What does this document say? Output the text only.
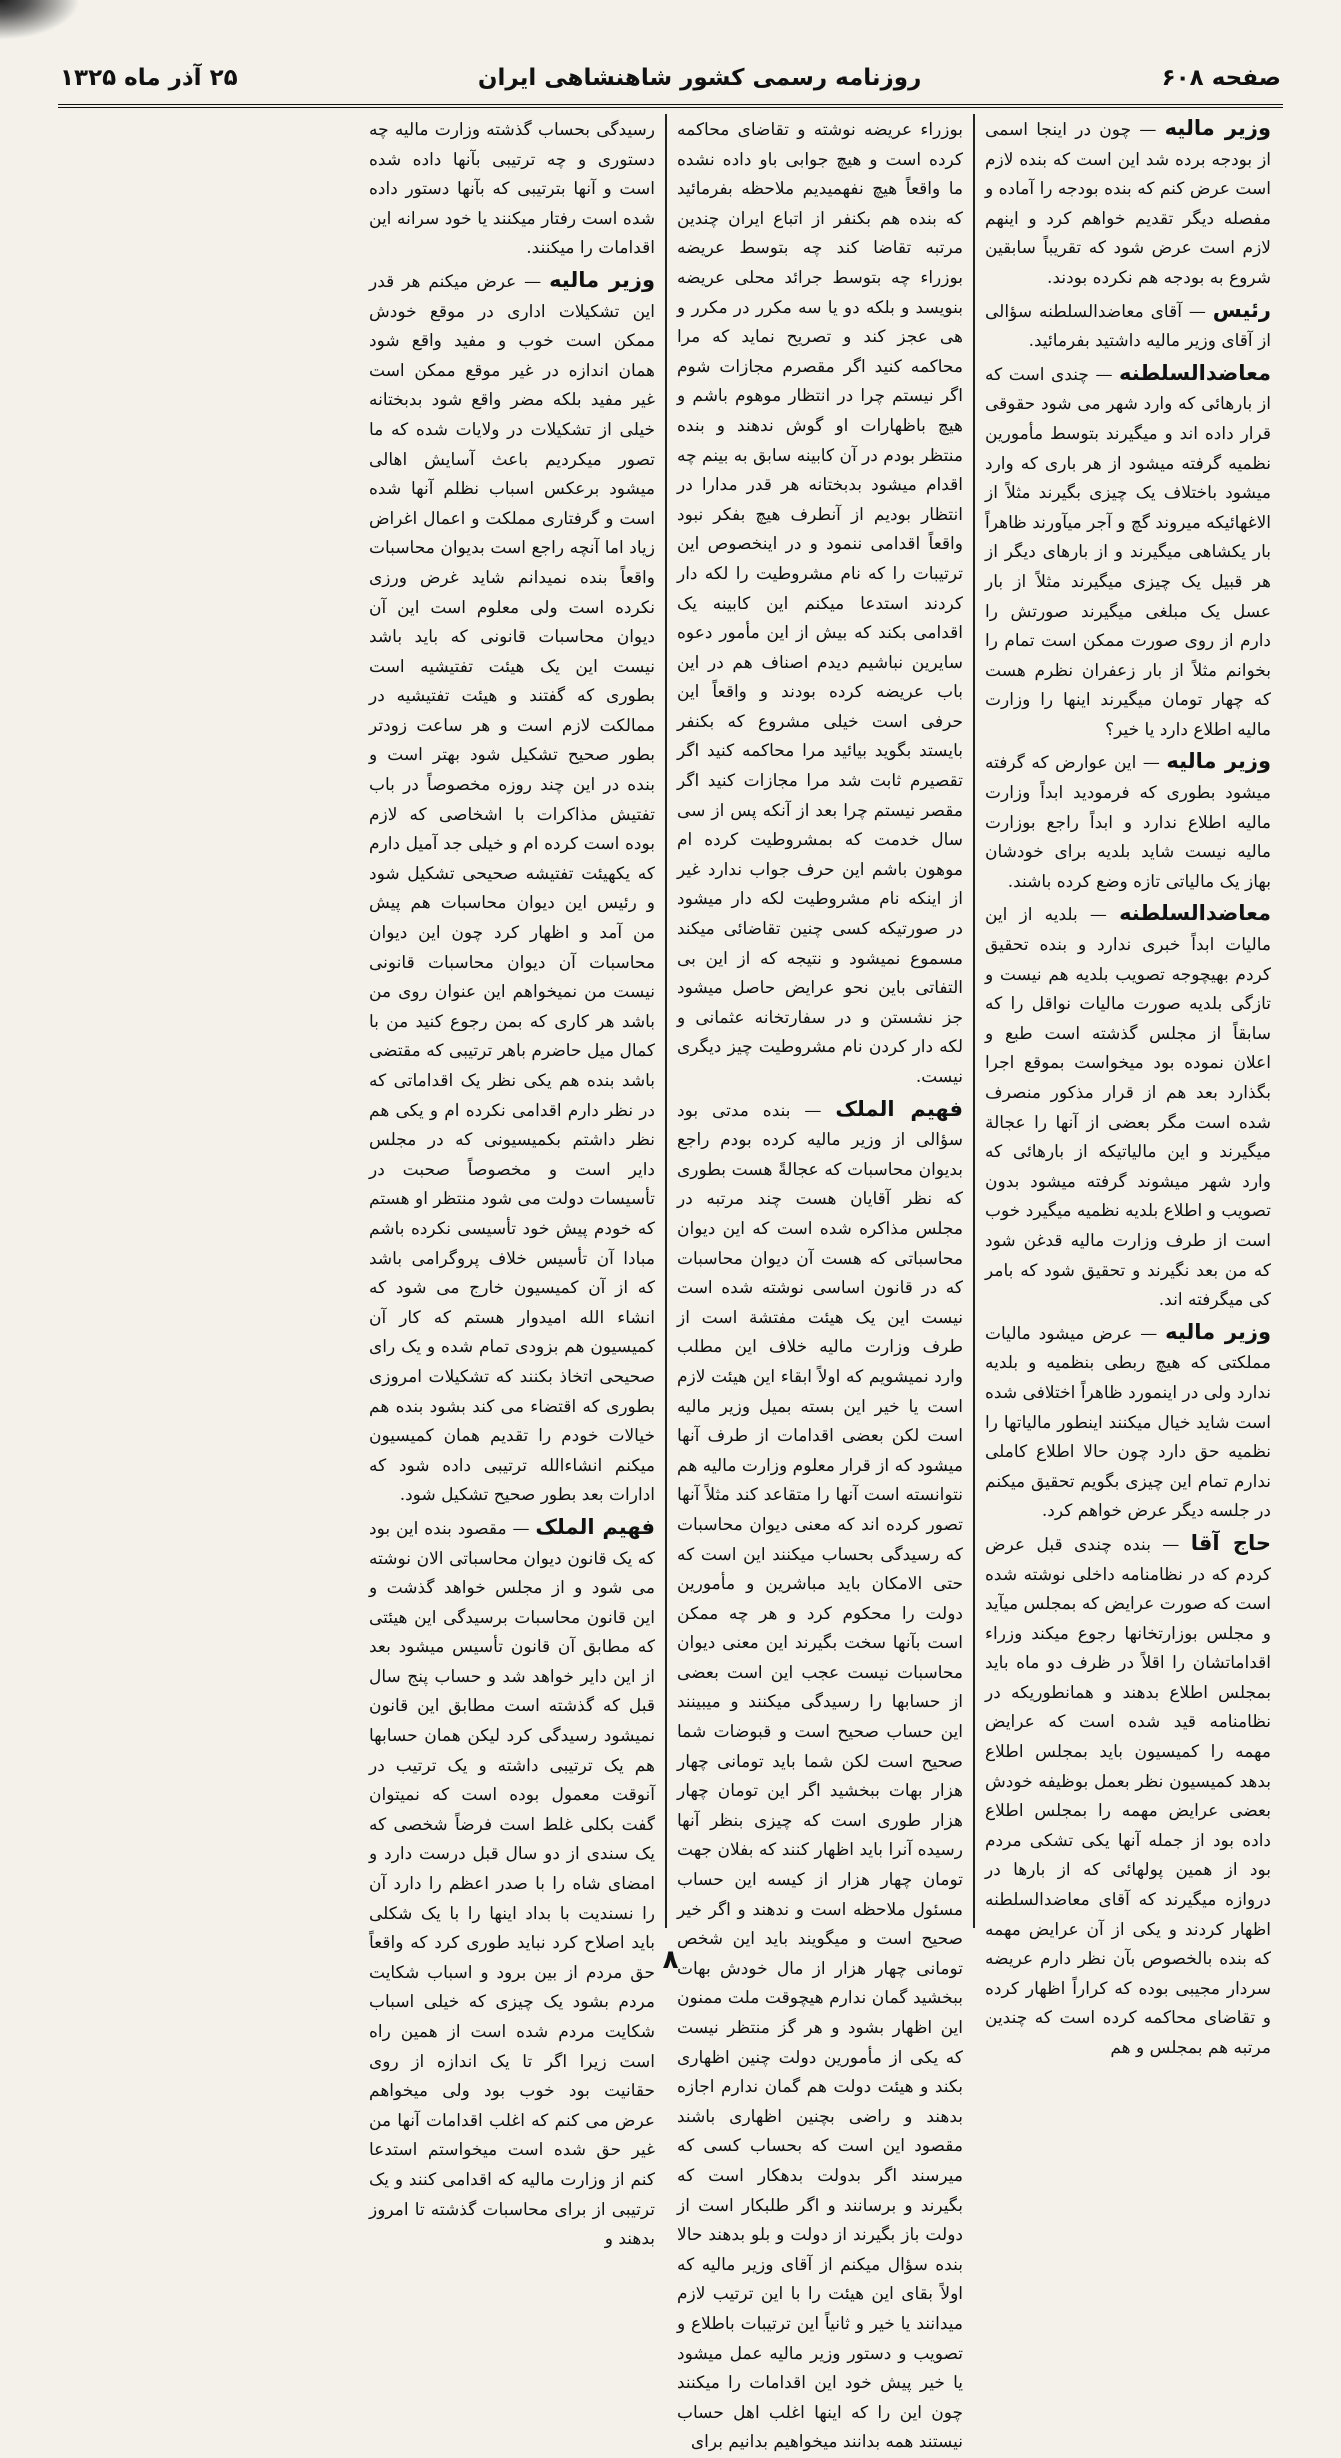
صفحه ۶۰۸
روزنامه رسمی کشور شاهنشاهی ایران
۲۵ آذر ماه ۱۳۲۵

وزیر مالیه — چون در اینجا اسمی از بودجه برده شد این است که بنده لازم است عرض کنم که بنده بودجه را آماده و مفصله دیگر تقدیم خواهم کرد و اینهم لازم است عرض شود که تقریباً سابقین شروع به بودجه هم نکرده بودند.

رئیس — آقای معاضدالسلطنه سؤالی از آقای وزیر مالیه داشتید بفرمائید.

معاضدالسلطنه — چندی است که از بارهائی که وارد شهر می شود حقوقی قرار داده اند و میگیرند بتوسط مأمورین نظمیه گرفته میشود از هر باری که وارد میشود باختلاف یک چیزی بگیرند مثلاً از الاغهائیکه میروند گچ و آجر میآورند ظاهراً بار یکشاهی میگیرند و از بارهای دیگر از هر قبیل یک چیزی میگیرند مثلاً از بار عسل یک مبلغی میگیرند صورتش را دارم از روی صورت ممکن است تمام را بخوانم مثلاً از بار زعفران نظرم هست که چهار تومان میگیرند اینها را وزارت مالیه اطلاع دارد یا خیر؟

وزیر مالیه — این عوارض که گرفته میشود بطوری که فرمودید ابداً وزارت مالیه اطلاع ندارد و ابداً راجع بوزارت مالیه نیست شاید بلدیه برای خودشان بهاز یک مالیاتی تازه وضع کرده باشند.

معاضدالسلطنه — بلدیه از این مالیات ابداً خبری ندارد و بنده تحقیق کردم بهیچوجه تصویب بلدیه هم نیست و تازگی بلدیه صورت مالیات نواقل را که سابقاً از مجلس گذشته است طبع و اعلان نموده بود میخواست بموقع اجرا بگذارد بعد هم از قرار مذکور منصرف شده است مگر بعضی از آنها را عجالة میگیرند و این مالیاتیکه از بارهائی که وارد شهر میشوند گرفته میشود بدون تصویب و اطلاع بلدیه نظمیه میگیرد خوب است از طرف وزارت مالیه قدغن شود که من بعد نگیرند و تحقیق شود که بامر کی میگرفته اند.

وزیر مالیه — عرض میشود مالیات مملکتی که هیچ ربطی بنظمیه و بلدیه ندارد ولی در اینمورد ظاهراً اختلافی شده است شاید خیال میکنند اینطور مالیاتها را نظمیه حق دارد چون حالا اطلاع کاملی ندارم تمام این چیزی بگویم تحقیق میکنم در جلسه دیگر عرض خواهم کرد.

حاج آقا — بنده چندی قبل عرض کردم که در نظامنامه داخلی نوشته شده است که صورت عرایض که بمجلس میآید و مجلس بوزارتخانها رجوع میکند وزراء اقداماتشان را اقلاً در ظرف دو ماه باید بمجلس اطلاع بدهند و همانطوریکه در نظامنامه قید شده است که عرایض مهمه را کمیسیون باید بمجلس اطلاع بدهد کمیسیون نظر بعمل بوظیفه خودش بعضی عرایض مهمه را بمجلس اطلاع داده بود از جمله آنها یکی تشکی مردم بود از همین پولهائی که از بارها در دروازه میگیرند که آقای معاضدالسلطنه اظهار کردند و یکی از آن عرایض مهمه که بنده بالخصوص بآن نظر دارم عریضه سردار مجیبی بوده که کراراً اظهار کرده و تقاضای محاکمه کرده است که چندین مرتبه هم بمجلس و هم

بوزراء عریضه نوشته و تقاضای محاکمه کرده است و هیچ جوابی باو داده نشده ما واقعاً هیچ نفهمیدیم ملاحظه بفرمائید که بنده هم بکنفر از اتباع ایران چندین مرتبه تقاضا کند چه بتوسط عریضه بوزراء چه بتوسط جرائد محلی عریضه بنویسد و بلکه دو یا سه مکرر در مکرر و هی عجز کند و تصریح نماید که مرا محاکمه کنید اگر مقصرم مجازات شوم اگر نیستم چرا در انتظار موهوم باشم و هیچ باظهارات او گوش ندهند و بنده منتظر بودم در آن کابینه سابق به بینم چه اقدام میشود بدبختانه هر قدر مدارا در انتظار بودیم از آنطرف هیچ بفکر نبود واقعاً اقدامی ننمود و در اینخصوص این ترتیبات را که نام مشروطیت را لکه دار کردند استدعا میکنم این کابینه یک اقدامی بکند که بیش از این مأمور دعوه سایرین نباشیم دیدم اصناف هم در این باب عریضه کرده بودند و واقعاً این حرفی است خیلی مشروع که بکنفر بایستد بگوید بیائید مرا محاکمه کنید اگر تقصیرم ثابت شد مرا مجازات کنید اگر مقصر نیستم چرا بعد از آنکه پس از سی سال خدمت که بمشروطیت کرده ام موهون باشم این حرف جواب ندارد غیر از اینکه نام مشروطیت لکه دار میشود در صورتیکه کسی چنین تقاضائی میکند مسموع نمیشود و نتیجه که از این بی التفاتی باین نحو عرایض حاصل میشود جز نشستن و در سفارتخانه عثمانی و لکه دار کردن نام مشروطیت چیز دیگری نیست.

فهیم الملک — بنده مدتی بود سؤالی از وزیر مالیه کرده بودم راجع بدیوان محاسبات که عجالةً هست بطوری که نظر آقایان هست چند مرتبه در مجلس مذاکره شده است که این دیوان محاسباتی که هست آن دیوان محاسبات که در قانون اساسی نوشته شده است نیست این یک هیئت مفتشة است از طرف وزارت مالیه خلاف این مطلب وارد نمیشویم که اولاً ابقاء این هیئت لازم است یا خیر این بسته بمیل وزیر مالیه است لکن بعضی اقدامات از طرف آنها میشود که از قرار معلوم وزارت مالیه هم نتوانسته است آنها را متقاعد کند مثلاً آنها تصور کرده اند که معنی دیوان محاسبات که رسیدگی بحساب میکنند این است که حتی الامکان باید مباشرین و مأمورین دولت را محکوم کرد و هر چه ممکن است بآنها سخت بگیرند این معنی دیوان محاسبات نیست عجب این است بعضی از حسابها را رسیدگی میکنند و میبینند این حساب صحیح است و قبوضات شما صحیح است لکن شما باید تومانی چهار هزار بهات ببخشید اگر این تومان چهار هزار طوری است که چیزی بنظر آنها رسیده آنرا باید اظهار کنند که بفلان جهت تومان چهار هزار از کیسه این حساب مسئول ملاحظه است و ندهند و اگر خیر صحیح است و میگویند باید این شخص تومانی چهار هزار از مال خودش بهات ببخشید گمان ندارم هیچوقت ملت ممنون این اظهار بشود و هر گز منتظر نیست که یکی از مأمورین دولت چنین اظهاری بکند و هیئت دولت هم گمان ندارم اجازه بدهند و راضی بچنین اظهاری باشند مقصود این است که بحساب کسی که میرسند اگر بدولت بدهکار است که بگیرند و برسانند و اگر طلبکار است از دولت باز بگیرند از دولت و بلو بدهند حالا بنده سؤال میکنم از آقای وزیر مالیه که اولاً بقای این هیئت را با این ترتیب لازم میدانند یا خیر و ثانیاً این ترتیبات باطلاع و تصویب و دستور وزیر مالیه عمل میشود یا خیر پیش خود این اقدامات را میکنند چون این را که اینها اغلب اهل حساب نیستند همه بدانند میخواهیم بدانیم برای

رسیدگی بحساب گذشته وزارت مالیه چه دستوری و چه ترتیبی بآنها داده شده است و آنها بترتیبی که بآنها دستور داده شده است رفتار میکنند یا خود سرانه این اقدامات را میکنند.

وزیر مالیه — عرض میکنم هر قدر این تشکیلات اداری در موقع خودش ممکن است خوب و مفید واقع شود همان اندازه در غیر موقع ممکن است غیر مفید بلکه مضر واقع شود بدبختانه خیلی از تشکیلات در ولایات شده که ما تصور میکردیم باعث آسایش اهالی میشود برعکس اسباب نظلم آنها شده است و گرفتاری مملکت و اعمال اغراض زیاد اما آنچه راجع است بدیوان محاسبات واقعاً بنده نمیدانم شاید غرض ورزی نکرده است ولی معلوم است این آن دیوان محاسبات قانونی که باید باشد نیست این یک هیئت تفتیشیه است بطوری که گفتند و هیئت تفتیشیه در ممالکت لازم است و هر ساعت زودتر بطور صحیح تشکیل شود بهتر است و بنده در این چند روزه مخصوصاً در باب تفتیش مذاکرات با اشخاصی که لازم بوده است کرده ام و خیلی جد آمیل دارم که یکهیئت تفتیشه صحیحی تشکیل شود و رئیس این دیوان محاسبات هم پیش من آمد و اظهار کرد چون این دیوان محاسبات آن دیوان محاسبات قانونی نیست من نمیخواهم این عنوان روی من باشد هر کاری که بمن رجوع کنید من با کمال میل حاضرم باهر ترتیبی که مقتضی باشد بنده هم یکی نظر یک اقداماتی که در نظر دارم اقدامی نکرده ام و یکی هم نظر داشتم بکمیسیونی که در مجلس دایر است و مخصوصاً صحبت در تأسیسات دولت می شود منتظر او هستم که خودم پیش خود تأسیسی نکرده باشم مبادا آن تأسیس خلاف پروگرامی باشد که از آن کمیسیون خارج می شود که انشاء الله امیدوار هستم که کار آن کمیسیون هم بزودی تمام شده و یک رای صحیحی اتخاذ بکنند که تشکیلات امروزی بطوری که اقتضاء می کند بشود بنده هم خیالات خودم را تقدیم همان کمیسیون میکنم انشاءالله ترتیبی داده شود که ادارات بعد بطور صحیح تشکیل شود.

فهیم الملک — مقصود بنده این بود که یک قانون دیوان محاسباتی الان نوشته می شود و از مجلس خواهد گذشت و این قانون محاسبات برسیدگی این هیئتی که مطابق آن قانون تأسیس میشود بعد از این دایر خواهد شد و حساب پنج سال قبل که گذشته است مطابق این قانون نمیشود رسیدگی کرد لیکن همان حسابها هم یک ترتیبی داشته و یک ترتیب در آنوقت معمول بوده است که نمیتوان گفت بکلی غلط است فرضاً شخصی که یک سندی از دو سال قبل درست دارد و امضای شاه را با صدر اعظم را دارد آن را نسندیت با بداد اینها را با یک شکلی باید اصلاح کرد نباید طوری کرد که واقعاً حق مردم از بین برود و اسباب شکایت مردم بشود یک چیزی که خیلی اسباب شکایت مردم شده است از همین راه است زیرا اگر تا یک اندازه از روی حقانیت بود خوب بود ولی میخواهم عرض می کنم که اغلب اقدامات آنها من غیر حق شده است میخواستم استدعا کنم از وزارت مالیه که اقدامی کنند و یک ترتیبی از برای محاسبات گذشته تا امروز بدهند و

۸
